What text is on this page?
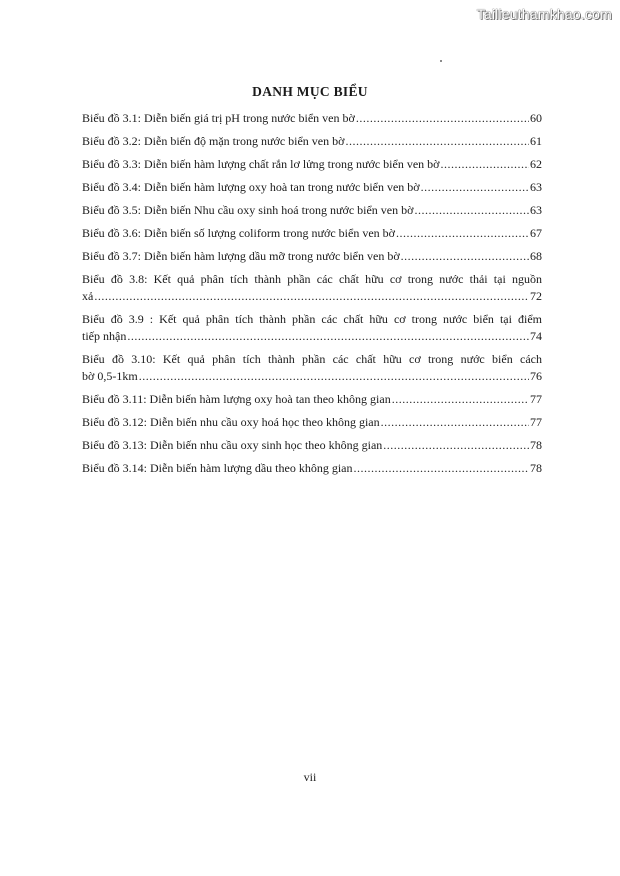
Tailieuthamkhao.com
DANH MỤC BIỂU
Biểu đồ 3.1: Diễn biến giá trị pH trong nước biển ven bờ .....	60
Biểu đồ 3.2: Diễn biến độ mặn trong nước biển ven bờ .....	61
Biểu đồ 3.3: Diễn biến hàm lượng chất rắn lơ lửng trong nước biển ven bờ .....	62
Biểu đồ 3.4: Diễn biến hàm lượng oxy hoà tan trong nước biển ven bờ .....	63
Biểu đồ 3.5: Diễn biến Nhu cầu oxy sinh hoá trong nước biển ven bờ .....	63
Biểu đồ 3.6: Diễn biến số lượng coliform trong nước biển ven bờ .....	67
Biểu đồ 3.7: Diễn biến hàm lượng dầu mỡ trong nước biển ven bờ .....	68
Biểu đồ 3.8: Kết quả phân tích thành phần các chất hữu cơ trong nước thải tại nguồn
xả .....	72
Biểu đồ 3.9 : Kết quả phân tích thành phần các chất hữu cơ trong nước biển tại điểm
tiếp nhận .....	74
Biểu đồ 3.10: Kết quả phân tích thành phần các chất hữu cơ trong nước biển cách
bờ 0,5-1km .....	76
Biểu đồ 3.11: Diễn biến hàm lượng oxy hoà tan theo không gian .....	77
Biểu đồ 3.12: Diễn biến nhu cầu oxy hoá học theo không gian .....	77
Biểu đồ 3.13: Diễn biến nhu cầu oxy sinh học theo không gian .....	78
Biểu đồ 3.14: Diễn biến hàm lượng dầu theo không gian .....	78
vii
